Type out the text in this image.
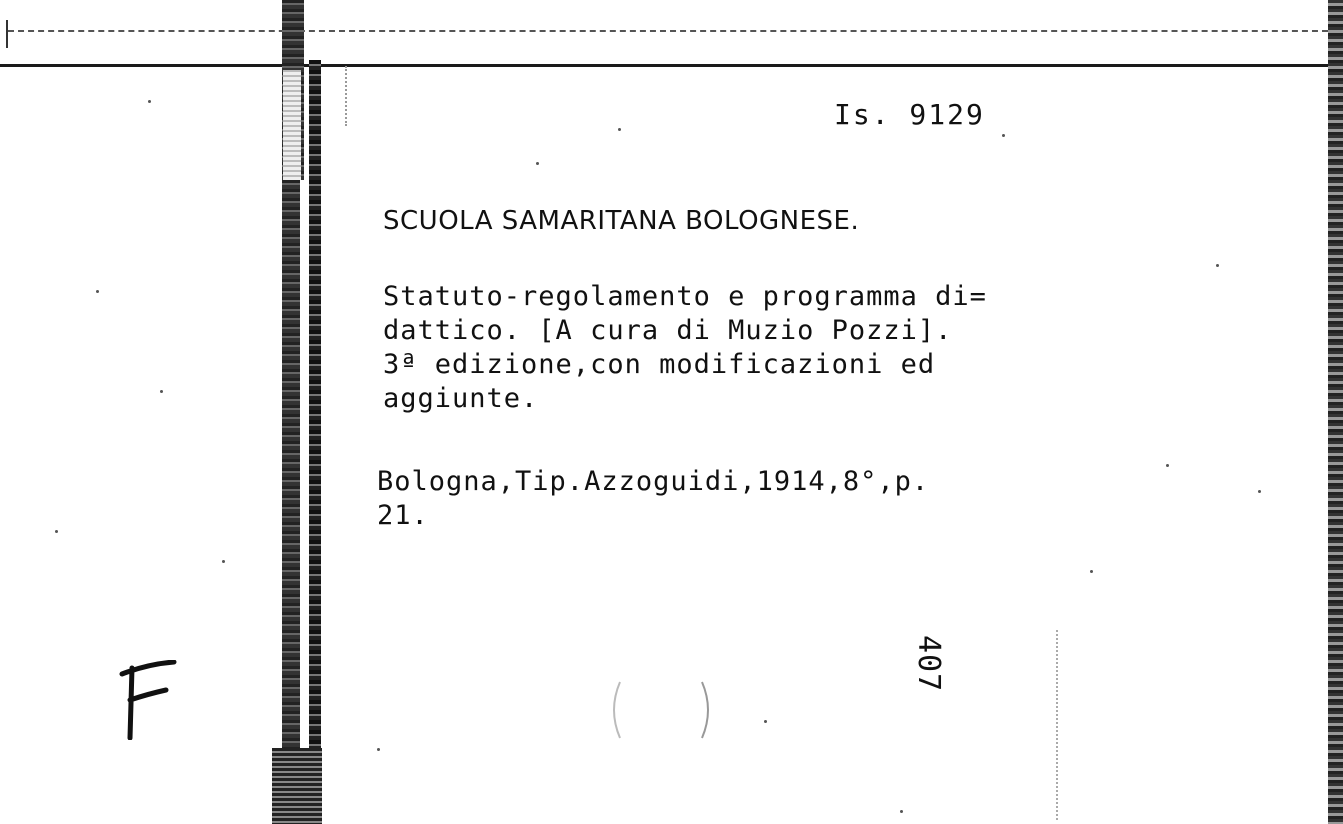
Is. 9129
SCUOLA SAMARITANA BOLOGNESE.
Statuto-regolamento e programma di=
dattico. [A cura di Muzio Pozzi].
3ª edizione,con modificazioni ed
aggiunte.
Bologna,Tip.Azzoguidi,1914,8°,p.
21.
407
